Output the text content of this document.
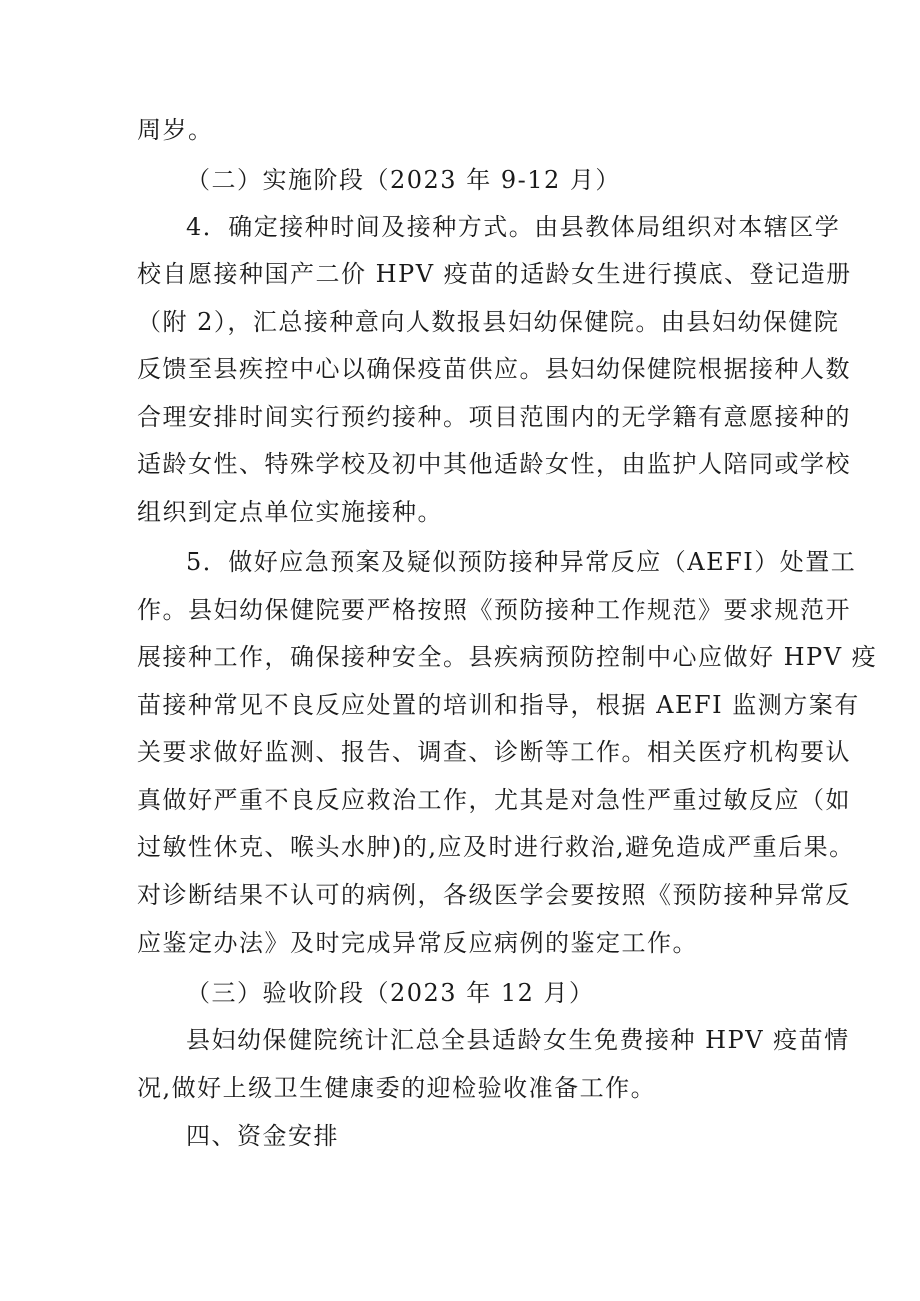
周岁。
（二）实施阶段（2023 年 9-12 月）
4．确定接种时间及接种方式。由县教体局组织对本辖区学
校自愿接种国产二价 HPV 疫苗的适龄女生进行摸底、登记造册
（附 2），汇总接种意向人数报县妇幼保健院。由县妇幼保健院
反馈至县疾控中心以确保疫苗供应。县妇幼保健院根据接种人数
合理安排时间实行预约接种。项目范围内的无学籍有意愿接种的
适龄女性、特殊学校及初中其他适龄女性，由监护人陪同或学校
组织到定点单位实施接种。
5．做好应急预案及疑似预防接种异常反应（AEFI）处置工
作。县妇幼保健院要严格按照《预防接种工作规范》要求规范开
展接种工作，确保接种安全。县疾病预防控制中心应做好 HPV 疫
苗接种常见不良反应处置的培训和指导，根据 AEFI 监测方案有
关要求做好监测、报告、调查、诊断等工作。相关医疗机构要认
真做好严重不良反应救治工作，尤其是对急性严重过敏反应（如
过敏性休克、喉头水肿)的,应及时进行救治,避免造成严重后果。
对诊断结果不认可的病例，各级医学会要按照《预防接种异常反
应鉴定办法》及时完成异常反应病例的鉴定工作。
（三）验收阶段（2023 年 12 月）
县妇幼保健院统计汇总全县适龄女生免费接种 HPV 疫苗情
况,做好上级卫生健康委的迎检验收准备工作。
四、资金安排
